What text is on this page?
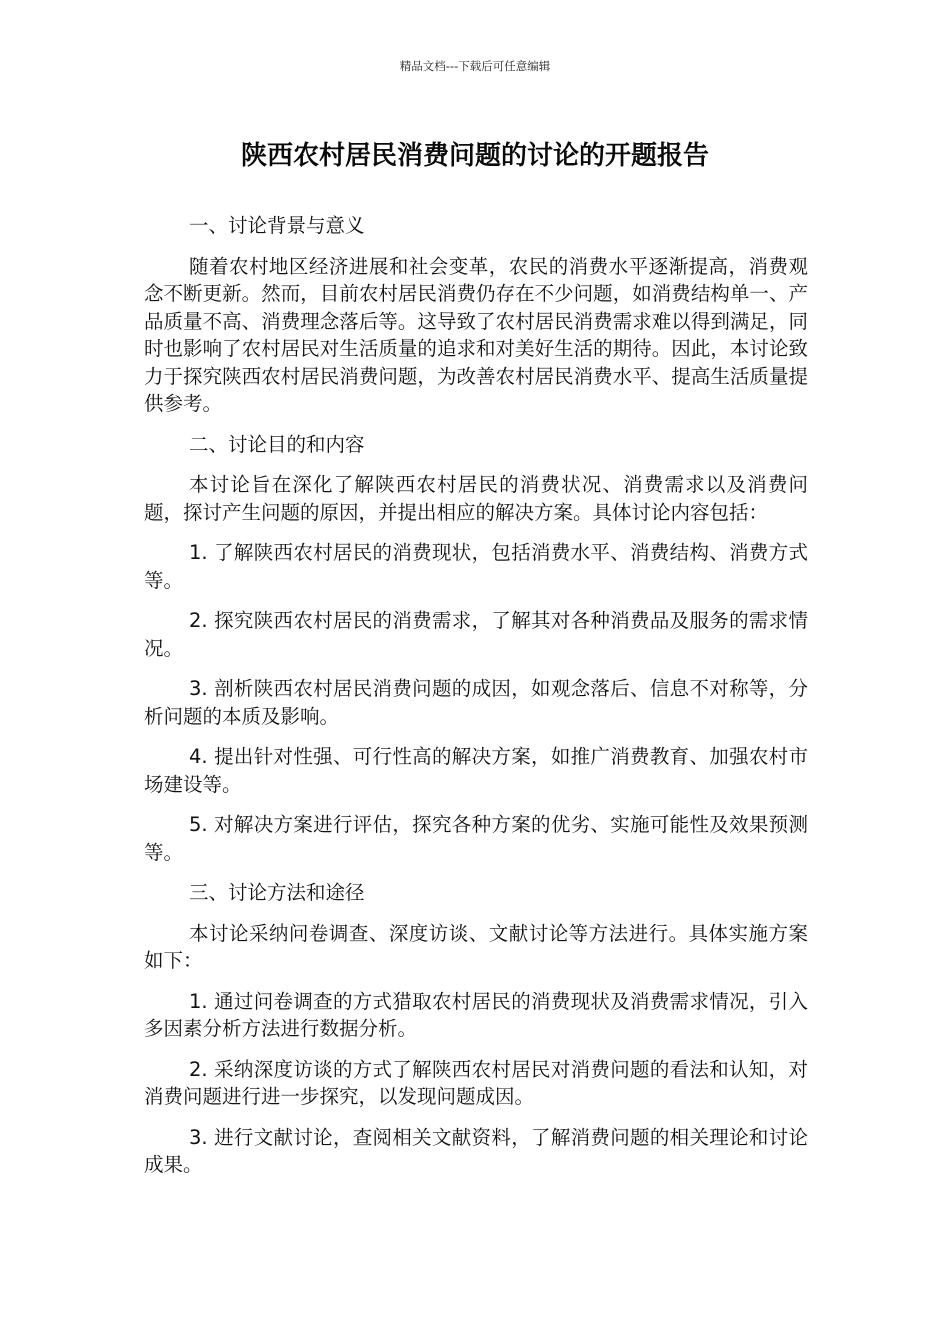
精品文档---下载后可任意编辑
陕西农村居民消费问题的讨论的开题报告

一、讨论背景与意义

随着农村地区经济进展和社会变革，农民的消费水平逐渐提高，消费观念不断更新。然而，目前农村居民消费仍存在不少问题，如消费结构单一、产品质量不高、消费理念落后等。这导致了农村居民消费需求难以得到满足，同时也影响了农村居民对生活质量的追求和对美好生活的期待。因此，本讨论致力于探究陕西农村居民消费问题，为改善农村居民消费水平、提高生活质量提供参考。

二、讨论目的和内容

本讨论旨在深化了解陕西农村居民的消费状况、消费需求以及消费问题，探讨产生问题的原因，并提出相应的解决方案。具体讨论内容包括：

1. 了解陕西农村居民的消费现状，包括消费水平、消费结构、消费方式等。

2. 探究陕西农村居民的消费需求，了解其对各种消费品及服务的需求情况。

3. 剖析陕西农村居民消费问题的成因，如观念落后、信息不对称等，分析问题的本质及影响。

4. 提出针对性强、可行性高的解决方案，如推广消费教育、加强农村市场建设等。

5. 对解决方案进行评估，探究各种方案的优劣、实施可能性及效果预测等。

三、讨论方法和途径

本讨论采纳问卷调查、深度访谈、文献讨论等方法进行。具体实施方案如下：

1. 通过问卷调查的方式猎取农村居民的消费现状及消费需求情况，引入多因素分析方法进行数据分析。

2. 采纳深度访谈的方式了解陕西农村居民对消费问题的看法和认知，对消费问题进行进一步探究，以发现问题成因。

3. 进行文献讨论，查阅相关文献资料，了解消费问题的相关理论和讨论成果。
